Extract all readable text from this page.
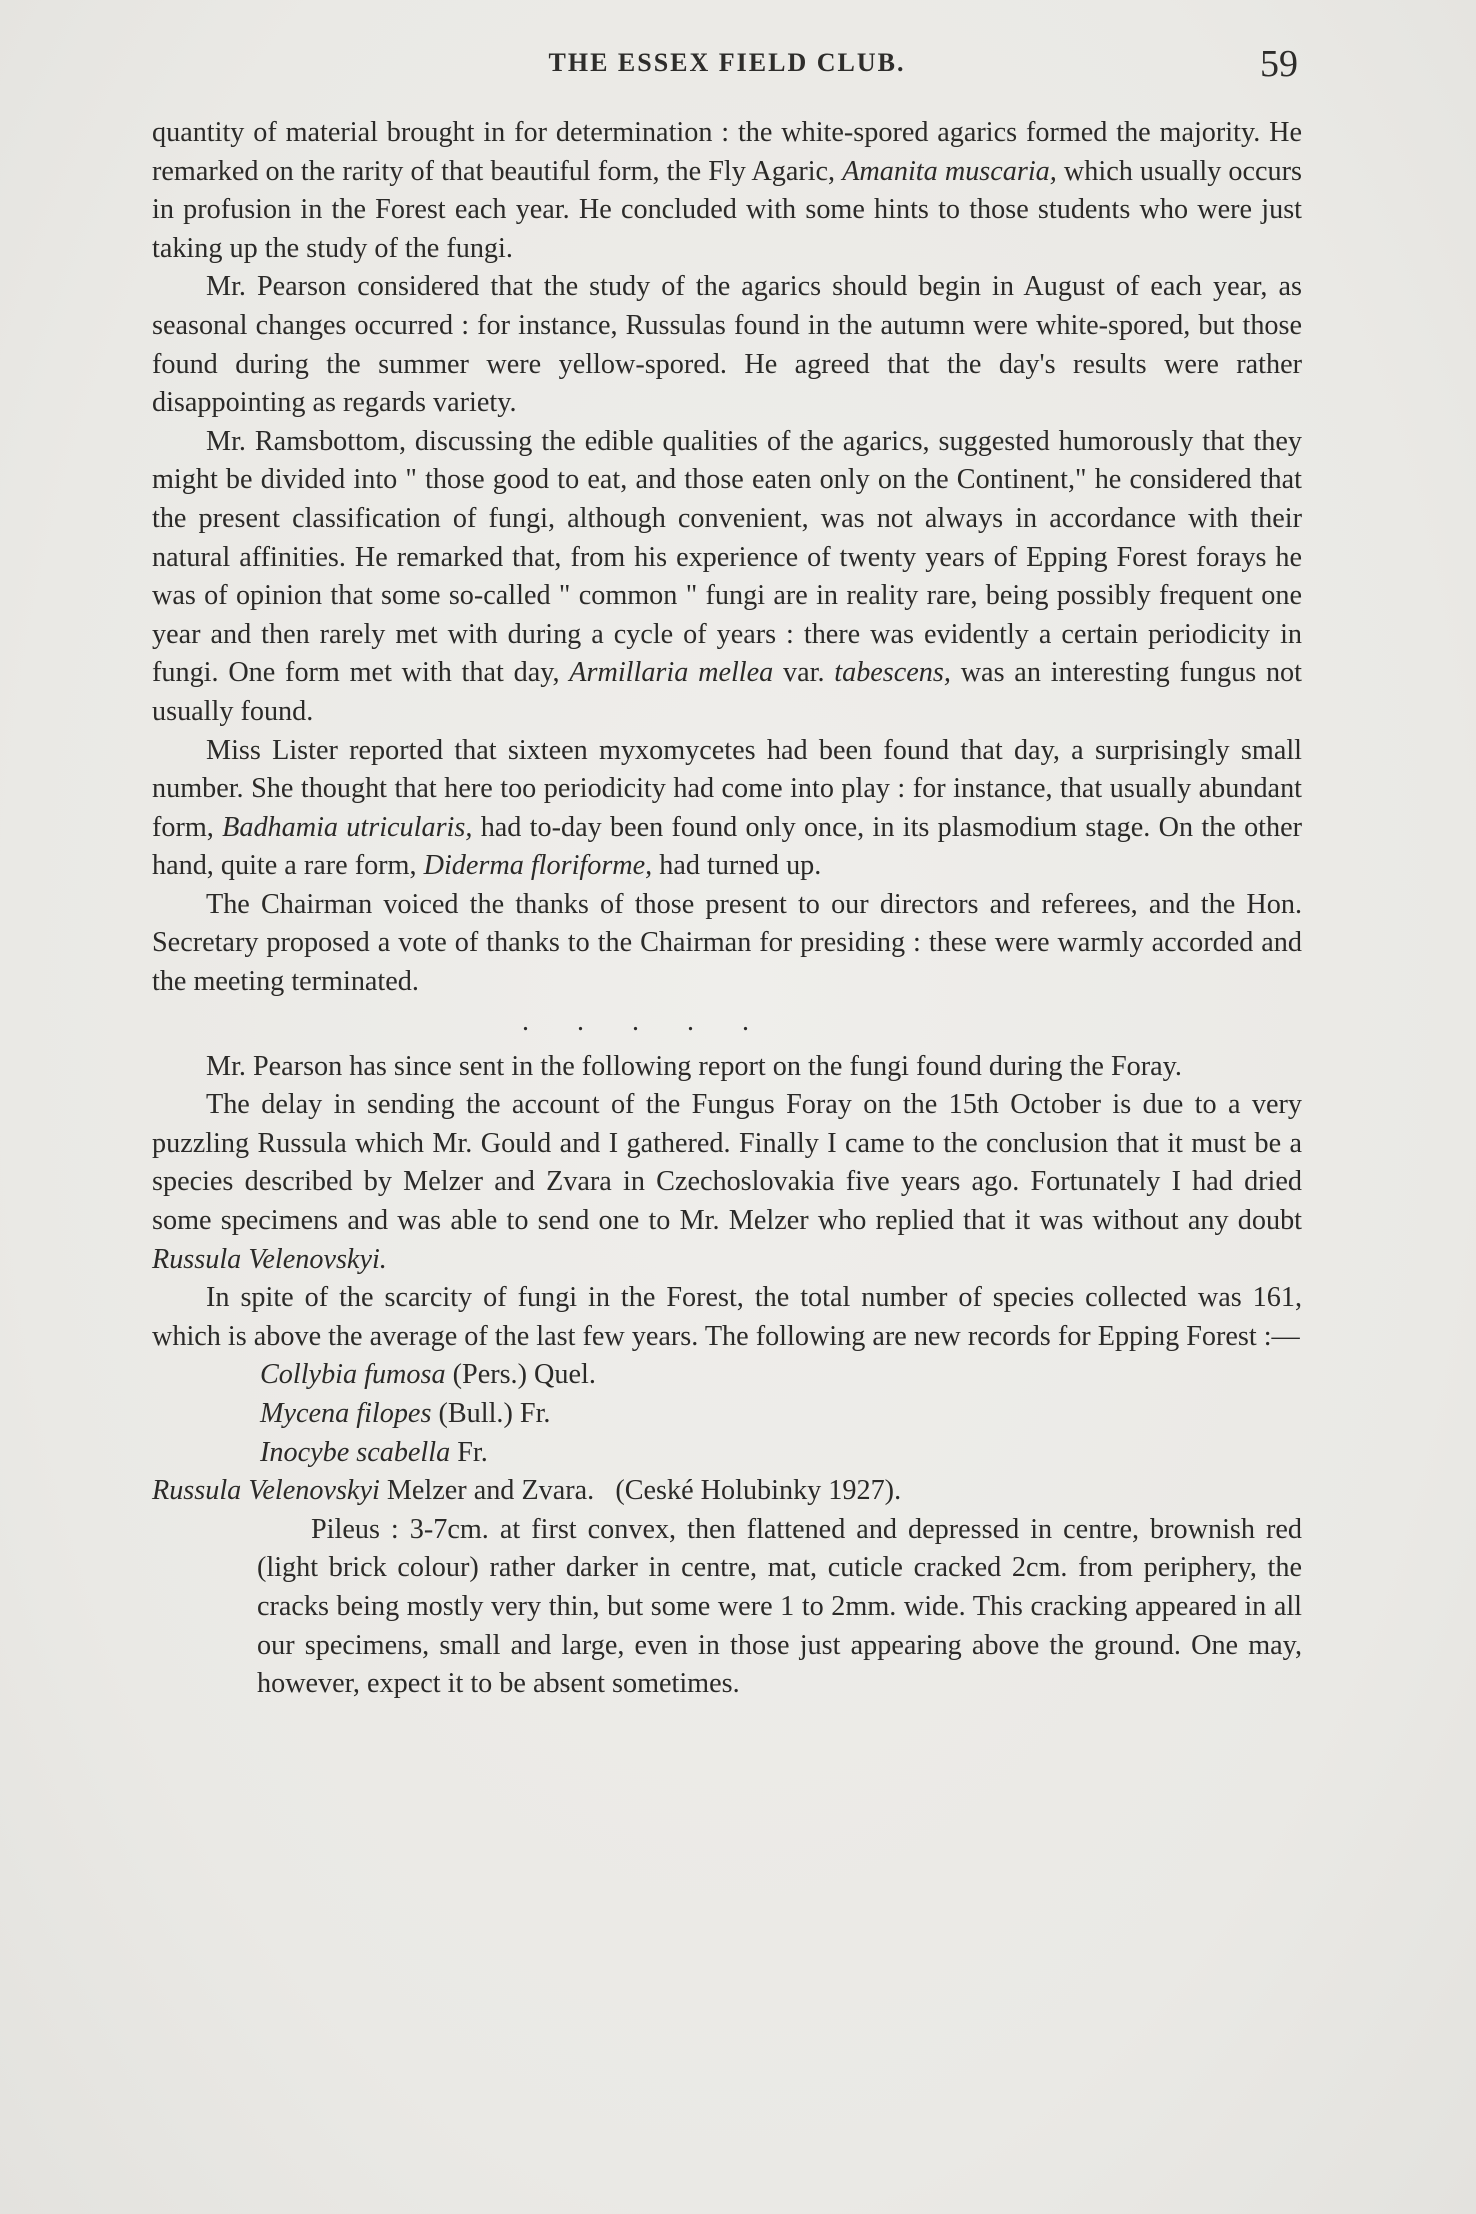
THE ESSEX FIELD CLUB.	59

quantity of material brought in for determination : the white-spored agarics formed the majority. He remarked on the rarity of that beautiful form, the Fly Agaric, Amanita muscaria, which usually occurs in profusion in the Forest each year. He concluded with some hints to those students who were just taking up the study of the fungi.

Mr. Pearson considered that the study of the agarics should begin in August of each year, as seasonal changes occurred : for instance, Russulas found in the autumn were white-spored, but those found during the summer were yellow-spored. He agreed that the day's results were rather disappointing as regards variety.

Mr. Ramsbottom, discussing the edible qualities of the agarics, suggested humorously that they might be divided into " those good to eat, and those eaten only on the Continent," he considered that the present classification of fungi, although convenient, was not always in accordance with their natural affinities. He remarked that, from his experience of twenty years of Epping Forest forays he was of opinion that some so-called " common " fungi are in reality rare, being possibly frequent one year and then rarely met with during a cycle of years : there was evidently a certain periodicity in fungi. One form met with that day, Armillaria mellea var. tabescens, was an interesting fungus not usually found.

Miss Lister reported that sixteen myxomycetes had been found that day, a surprisingly small number. She thought that here too periodicity had come into play : for instance, that usually abundant form, Badhamia utricularis, had to-day been found only once, in its plasmodium stage. On the other hand, quite a rare form, Diderma floriforme, had turned up.

The Chairman voiced the thanks of those present to our directors and referees, and the Hon. Secretary proposed a vote of thanks to the Chairman for presiding : these were warmly accorded and the meeting terminated.

. . . . .

Mr. Pearson has since sent in the following report on the fungi found during the Foray.

The delay in sending the account of the Fungus Foray on the 15th October is due to a very puzzling Russula which Mr. Gould and I gathered. Finally I came to the conclusion that it must be a species described by Melzer and Zvara in Czechoslovakia five years ago. Fortunately I had dried some specimens and was able to send one to Mr. Melzer who replied that it was without any doubt Russula Velenovskyi.

In spite of the scarcity of fungi in the Forest, the total number of species collected was 161, which is above the average of the last few years. The following are new records for Epping Forest :—

Collybia fumosa (Pers.) Quel.

Mycena filopes (Bull.) Fr.

Inocybe scabella Fr.

Russula Velenovskyi Melzer and Zvara.   (Ceské Holubinky 1927).

Pileus : 3-7cm. at first convex, then flattened and depressed in centre, brownish red (light brick colour) rather darker in centre, mat, cuticle cracked 2cm. from periphery, the cracks being mostly very thin, but some were 1 to 2mm. wide. This cracking appeared in all our specimens, small and large, even in those just appearing above the ground. One may, however, expect it to be absent sometimes.
